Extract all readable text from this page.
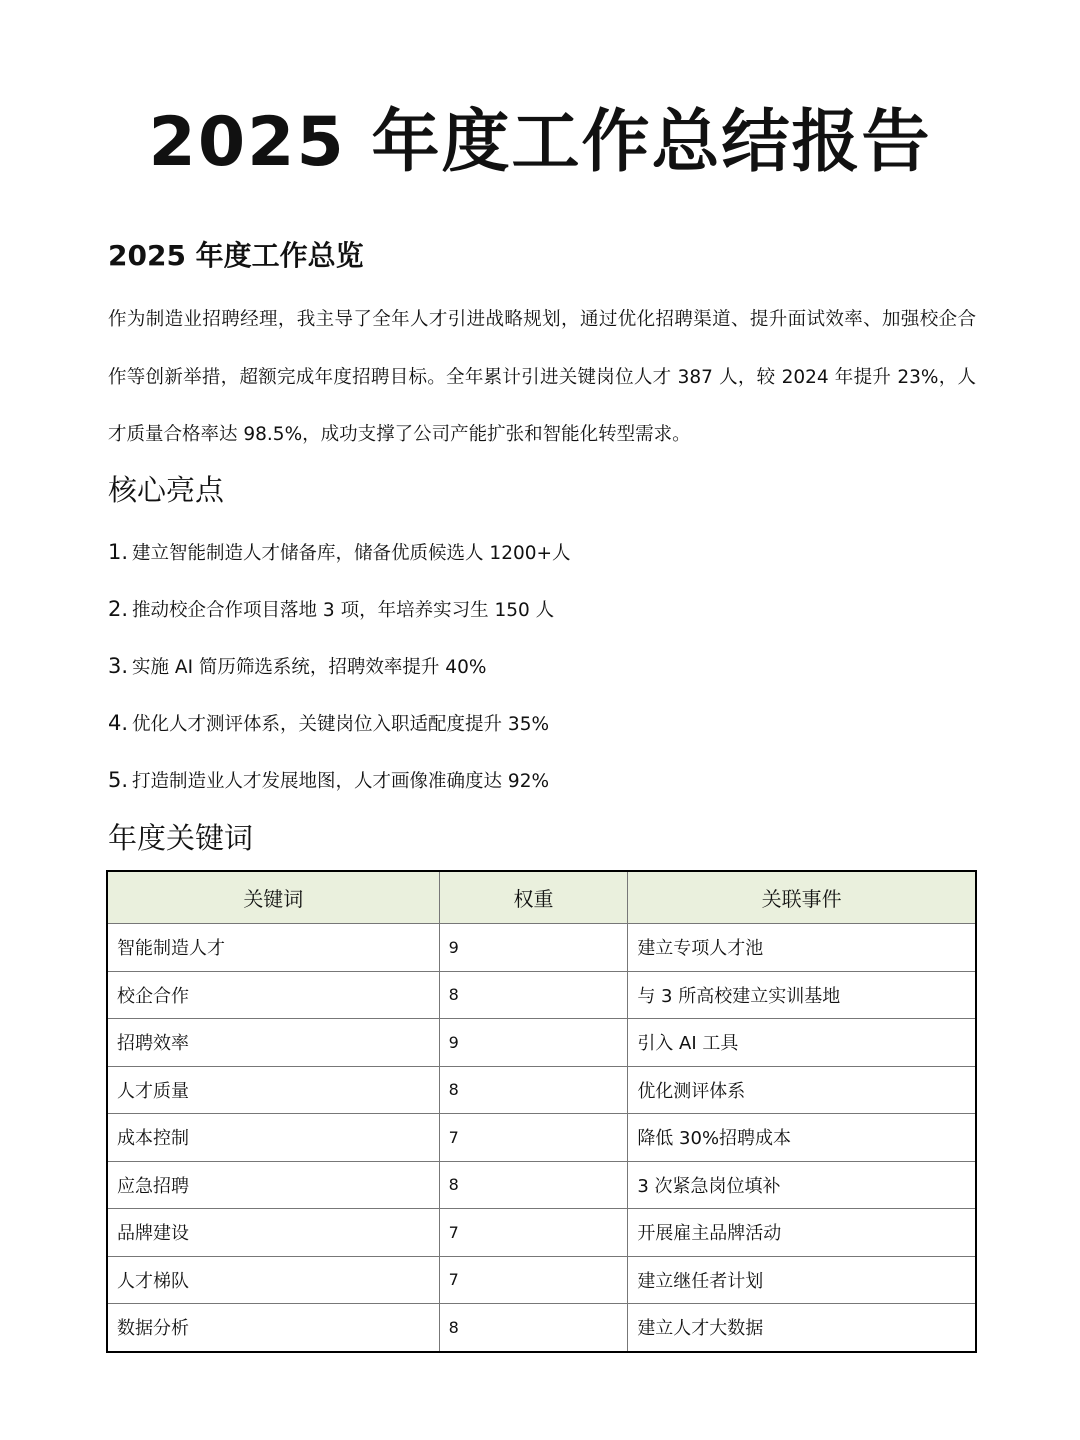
2025 年度工作总结报告
2025 年度工作总览

作为制造业招聘经理，我主导了全年人才引进战略规划，通过优化招聘渠道、提升面试效率、加强校企合作等创新举措，超额完成年度招聘目标。全年累计引进关键岗位人才 387 人，较 2024 年提升 23%，人才质量合格率达 98.5%，成功支撑了公司产能扩张和智能化转型需求。

核心亮点
1. 建立智能制造人才储备库，储备优质候选人 1200+人
2. 推动校企合作项目落地 3 项，年培养实习生 150 人
3. 实施 AI 简历筛选系统，招聘效率提升 40%
4. 优化人才测评体系，关键岗位入职适配度提升 35%
5. 打造制造业人才发展地图，人才画像准确度达 92%
年度关键词
关键词	权重	关联事件
智能制造人才	9	建立专项人才池
校企合作	8	与 3 所高校建立实训基地
招聘效率	9	引入 AI 工具
人才质量	8	优化测评体系
成本控制	7	降低 30%招聘成本
应急招聘	8	3 次紧急岗位填补
品牌建设	7	开展雇主品牌活动
人才梯队	7	建立继任者计划
数据分析	8	建立人才大数据
